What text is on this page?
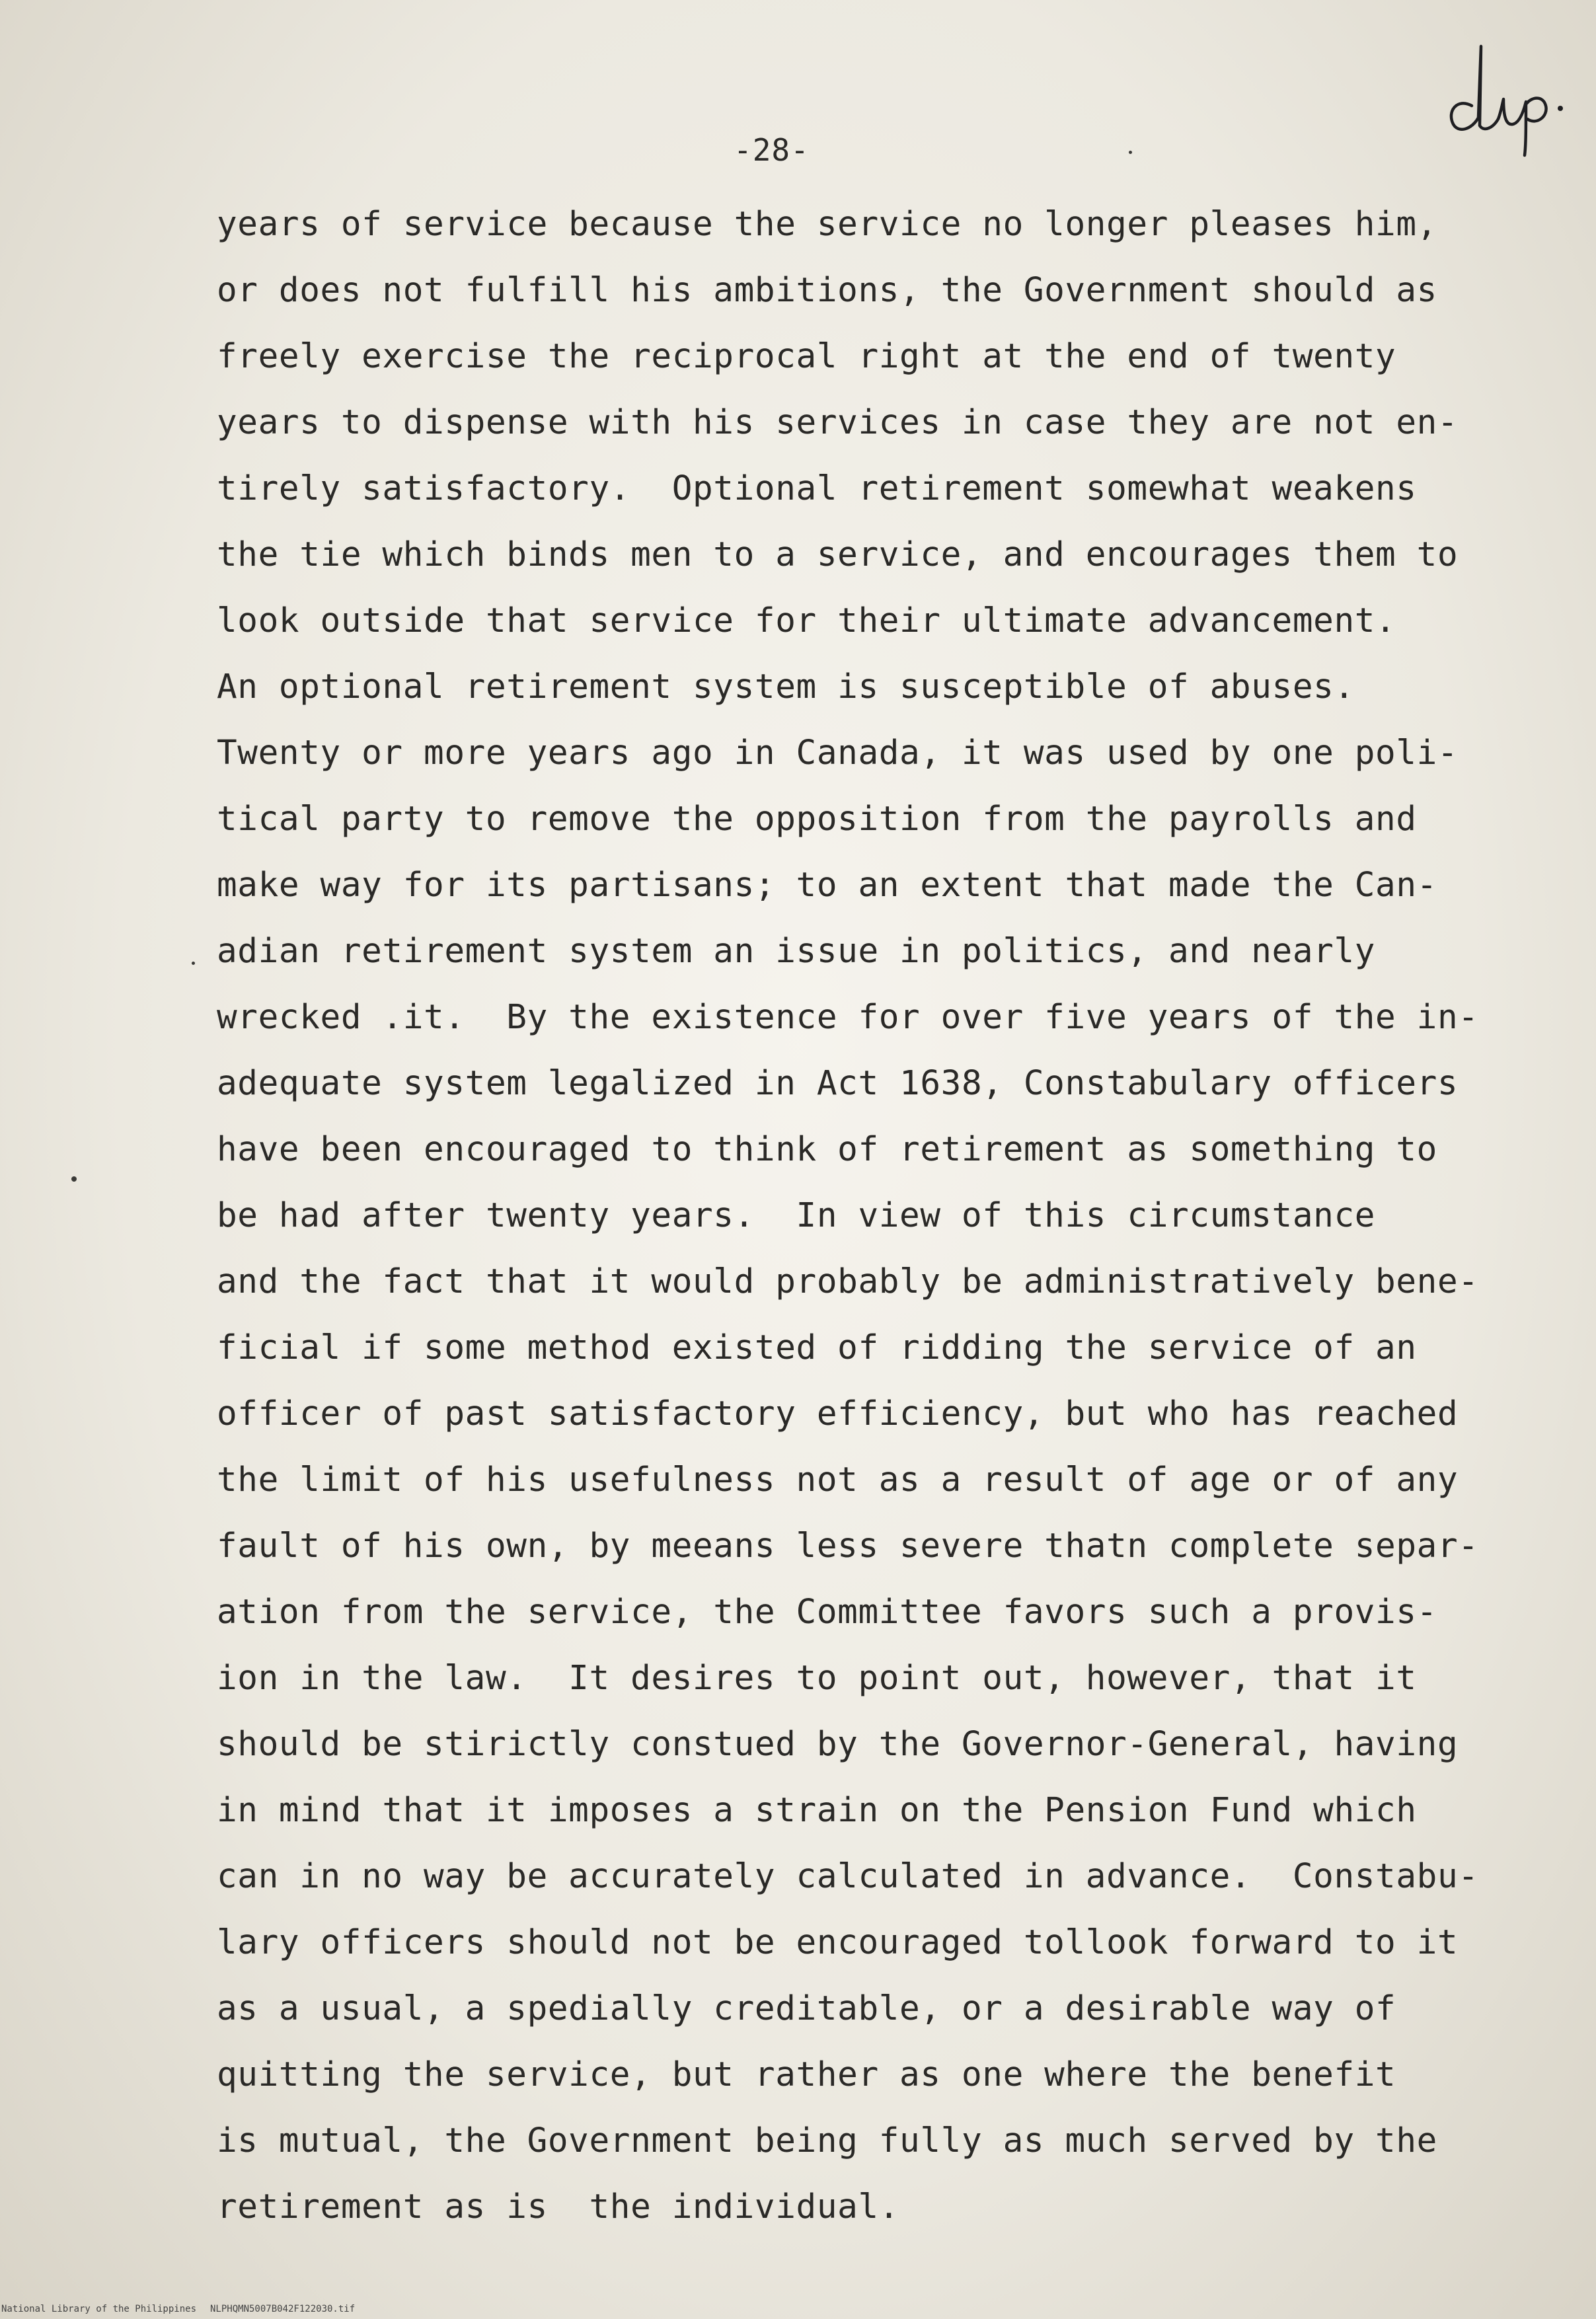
-28-
years of service because the service no longer pleases him,
or does not fulfill his ambitions, the Government should as
freely exercise the reciprocal right at the end of twenty
years to dispense with his services in case they are not en-
tirely satisfactory.  Optional retirement somewhat weakens
the tie which binds men to a service, and encourages them to
look outside that service for their ultimate advancement.
An optional retirement system is susceptible of abuses.
Twenty or more years ago in Canada, it was used by one poli-
tical party to remove the opposition from the payrolls and
make way for its partisans; to an extent that made the Can-
adian retirement system an issue in politics, and nearly
wrecked .it.  By the existence for over five years of the in-
adequate system legalized in Act 1638, Constabulary officers
have been encouraged to think of retirement as something to
be had after twenty years.  In view of this circumstance
and the fact that it would probably be administratively bene-
ficial if some method existed of ridding the service of an
officer of past satisfactory efficiency, but who has reached
the limit of his usefulness not as a result of age or of any
fault of his own, by meeans less severe thatn complete separ-
ation from the service, the Committee favors such a provis-
ion in the law.  It desires to point out, however, that it
should be stirictly constued by the Governor-General, having
in mind that it imposes a strain on the Pension Fund which
can in no way be accurately calculated in advance.  Constabu-
lary officers should not be encouraged tollook forward to it
as a usual, a spedially creditable, or a desirable way of
quitting the service, but rather as one where the benefit
is mutual, the Government being fully as much served by the
retirement as is  the individual.

National Library of the Philippines

NLPHQMN5007B042F122030.tif
